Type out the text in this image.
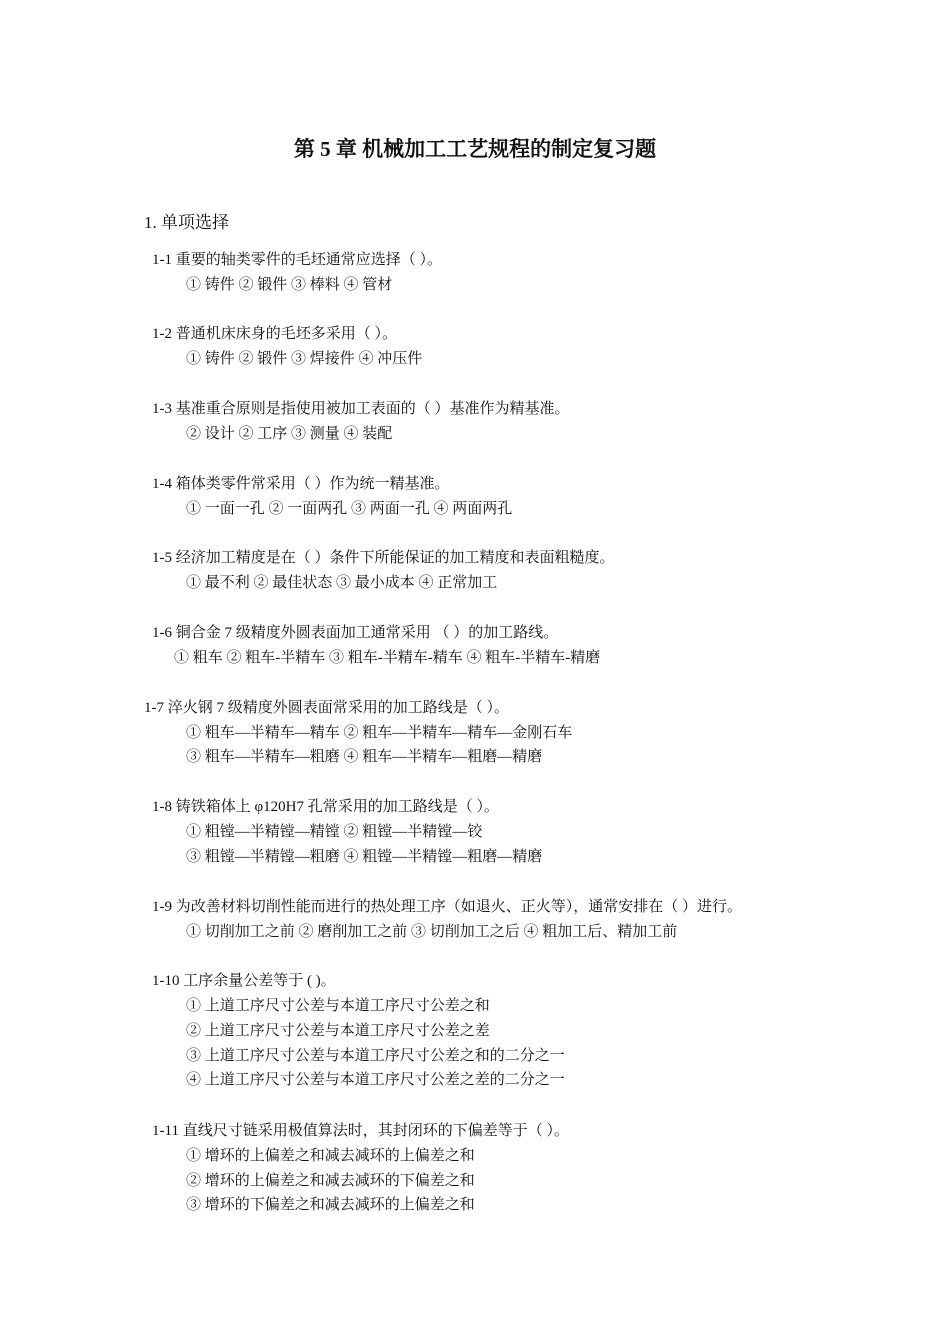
第 5 章 机械加工工艺规程的制定复习题
1. 单项选择
1-1 重要的轴类零件的毛坯通常应选择（ ）。
① 铸件 ② 锻件 ③ 棒料 ④ 管材
1-2 普通机床床身的毛坯多采用（ ）。
① 铸件 ② 锻件 ③ 焊接件 ④ 冲压件
1-3 基准重合原则是指使用被加工表面的（ ）基准作为精基准。
② 设计 ② 工序 ③ 测量 ④ 装配
1-4 箱体类零件常采用（ ）作为统一精基准。
① 一面一孔 ② 一面两孔 ③ 两面一孔 ④ 两面两孔
1-5 经济加工精度是在（ ）条件下所能保证的加工精度和表面粗糙度。
① 最不利 ② 最佳状态 ③ 最小成本 ④ 正常加工
1-6 铜合金 7 级精度外圆表面加工通常采用 （ ）的加工路线。
① 粗车 ② 粗车-半精车 ③ 粗车-半精车-精车 ④ 粗车-半精车-精磨
1-7 淬火钢 7 级精度外圆表面常采用的加工路线是（ ）。
① 粗车—半精车—精车 ② 粗车—半精车—精车—金刚石车
③ 粗车—半精车—粗磨 ④ 粗车—半精车—粗磨—精磨
1-8 铸铁箱体上 φ120H7 孔常采用的加工路线是（ ）。
① 粗镗—半精镗—精镗 ② 粗镗—半精镗—铰
③ 粗镗—半精镗—粗磨 ④ 粗镗—半精镗—粗磨—精磨
1-9 为改善材料切削性能而进行的热处理工序（如退火、正火等），通常安排在（ ）进行。
① 切削加工之前 ② 磨削加工之前 ③ 切削加工之后 ④ 粗加工后、精加工前
1-10 工序余量公差等于 ( )。
① 上道工序尺寸公差与本道工序尺寸公差之和
② 上道工序尺寸公差与本道工序尺寸公差之差
③ 上道工序尺寸公差与本道工序尺寸公差之和的二分之一
④ 上道工序尺寸公差与本道工序尺寸公差之差的二分之一
1-11 直线尺寸链采用极值算法时，其封闭环的下偏差等于（ ）。
① 增环的上偏差之和减去减环的上偏差之和
② 增环的上偏差之和减去减环的下偏差之和
③ 增环的下偏差之和减去减环的上偏差之和
